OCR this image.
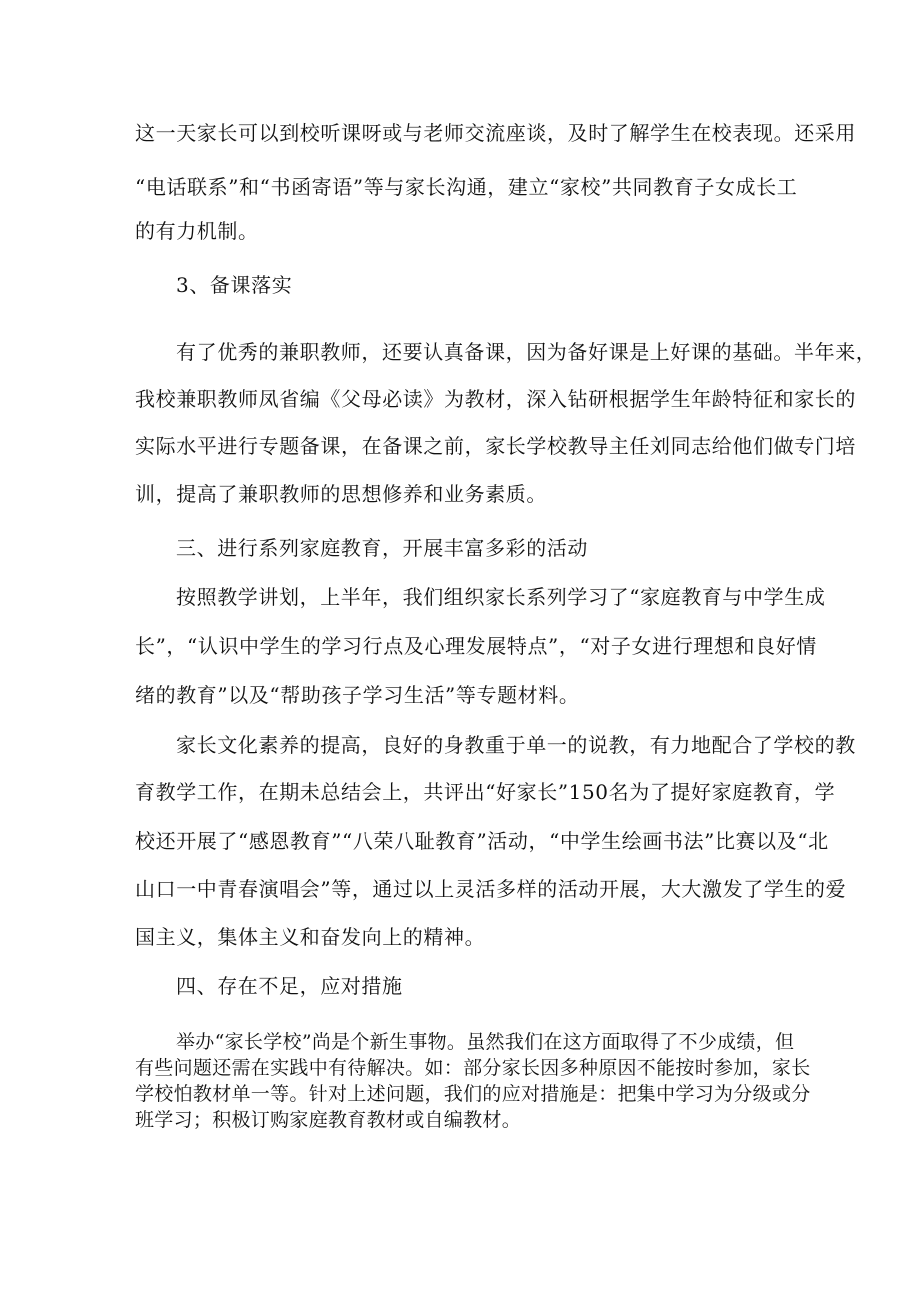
这一天家长可以到校听课呀或与老师交流座谈，及时了解学生在校表现。还采用
“电话联系”和“书函寄语”等与家长沟通，建立“家校”共同教育子女成长工
的有力机制。
3、备课落实
有了优秀的兼职教师，还要认真备课，因为备好课是上好课的基础。半年来，
我校兼职教师凤省编《父母必读》为教材，深入钻研根据学生年龄特征和家长的
实际水平进行专题备课，在备课之前，家长学校教导主任刘同志给他们做专门培
训，提高了兼职教师的思想修养和业务素质。
三、进行系列家庭教育，开展丰富多彩的活动
按照教学讲划，上半年，我们组织家长系列学习了“家庭教育与中学生成
长”，“认识中学生的学习行点及心理发展特点”，“对子女进行理想和良好情
绪的教育”以及“帮助孩子学习生活”等专题材料。
家长文化素养的提高，良好的身教重于单一的说教，有力地配合了学校的教
育教学工作，在期未总结会上，共评出“好家长”150名为了提好家庭教育，学
校还开展了“感恩教育”“八荣八耻教育”活动，“中学生绘画书法”比赛以及“北
山口一中青春演唱会”等，通过以上灵活多样的活动开展，大大激发了学生的爱
国主义，集体主义和奋发向上的精神。
四、存在不足，应对措施
举办“家长学校”尚是个新生事物。虽然我们在这方面取得了不少成绩，但
有些问题还需在实践中有待解决。如：部分家长因多种原因不能按时参加，家长
学校怕教材单一等。针对上述问题，我们的应对措施是：把集中学习为分级或分
班学习；积极订购家庭教育教材或自编教材。
